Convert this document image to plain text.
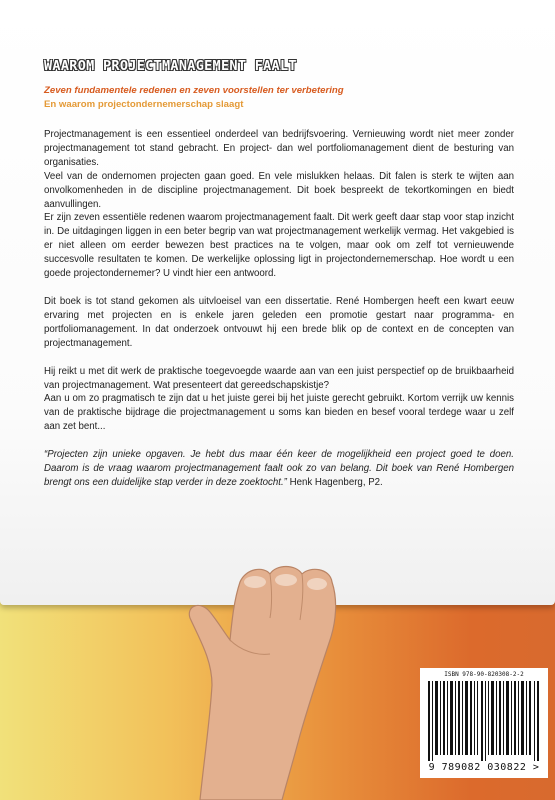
WAAROM PROJECTMANAGEMENT FAALT
Zeven fundamentele redenen en zeven voorstellen ter verbetering
En waarom projectondernemerschap slaagt

Projectmanagement is een essentieel onderdeel van bedrijfsvoering. Vernieuwing wordt niet meer zonder projectmanagement tot stand gebracht. En project- dan wel portfoliomanagement dient de besturing van organisaties.

Veel van de ondernomen projecten gaan goed. En vele mislukken helaas. Dit falen is sterk te wijten aan onvolkomenheden in de discipline projectmanagement. Dit boek bespreekt de tekortkomingen en biedt aanvullingen.

Er zijn zeven essentiële redenen waarom projectmanagement faalt. Dit werk geeft daar stap voor stap inzicht in. De uitdagingen liggen in een beter begrip van wat projectmanagement werkelijk vermag. Het vakgebied is er niet alleen om eerder bewezen best practices na te volgen, maar ook om zelf tot vernieuwende succesvolle resultaten te komen. De werkelijke oplossing ligt in projectondernemerschap. Hoe wordt u een goede projectondernemer? U vindt hier een antwoord.

Dit boek is tot stand gekomen als uitvloeisel van een dissertatie. René Hombergen heeft een kwart eeuw ervaring met projecten en is enkele jaren geleden een promotie gestart naar programma- en portfoliomanagement. In dat onderzoek ontvouwt hij een brede blik op de context en de concepten van projectmanagement.

Hij reikt u met dit werk de praktische toegevoegde waarde aan van een juist perspectief op de bruikbaarheid van projectmanagement. Wat presenteert dat gereedschapskistje?

Aan u om zo pragmatisch te zijn dat u het juiste gerei bij het juiste gerecht gebruikt. Kortom verrijk uw kennis van de praktische bijdrage die projectmanagement u soms kan bieden en besef vooral terdege waar u zelf aan zet bent...

“Projecten zijn unieke opgaven. Je hebt dus maar één keer de mogelijkheid een project goed te doen. Daarom is de vraag waarom projectmanagement faalt ook zo van belang. Dit boek van René Hombergen brengt ons een duidelijke stap verder in deze zoektocht.” Henk Hagenberg, P2.

ISBN 978-90-820308-2-2
9 789082 030822 >
